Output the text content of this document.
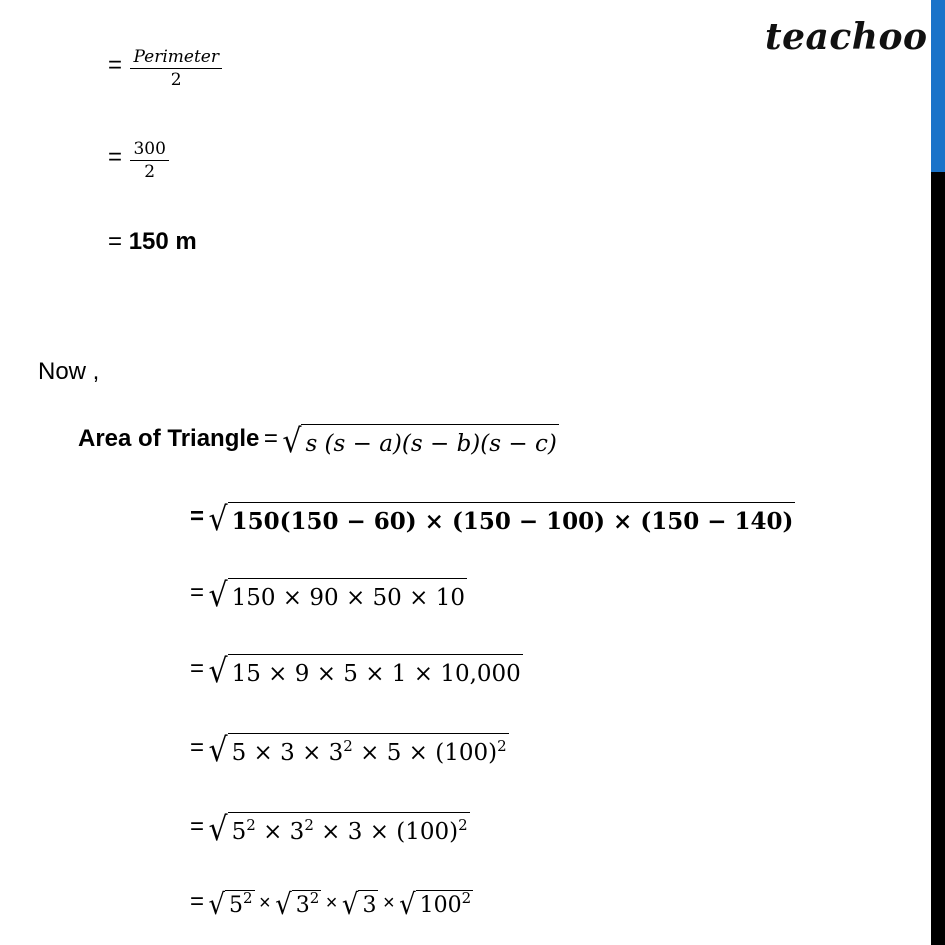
teachoo
= $\frac{\text{Perimeter}}{2}$
= $\frac{300}{2}$
= 150 m
Now ,
Area of Triangle = √ s (s − a)(s − b)(s − c)
= √ 150(150 − 60) × (150 − 100) × (150 − 140)
= √ 150 × 90 × 50 × 10
= √ 15 × 9 × 5 × 1 × 10,000
= √ $5 \times 3 \times 3^2 \times 5 \times (100)^2$
= √ $5^2 \times 3^2 \times 3 \times (100)^2$
= √ $5^2$ × √ $3^2$ × √ 3 × √ $100^2$
